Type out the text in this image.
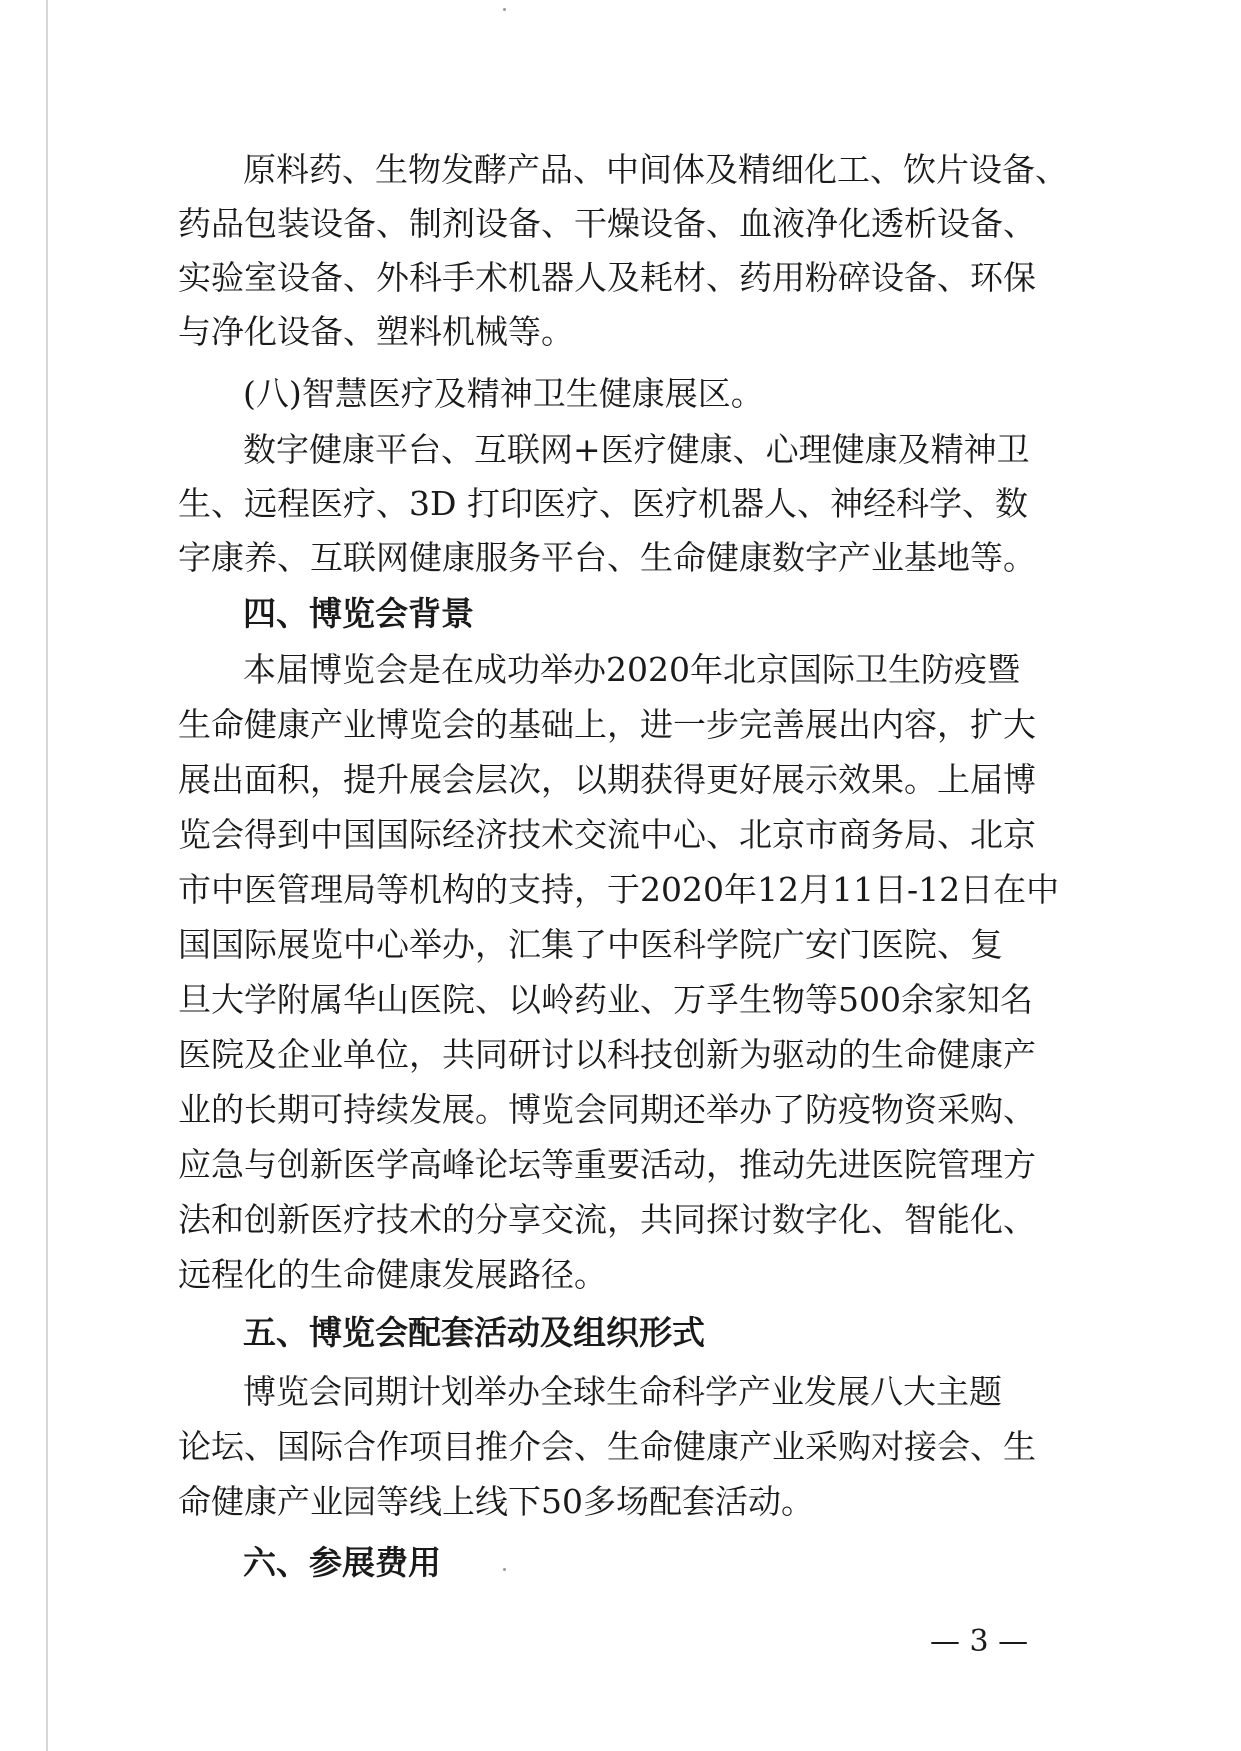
原料药、生物发酵产品、中间体及精细化工、饮片设备、
药品包装设备、制剂设备、干燥设备、血液净化透析设备、
实验室设备、外科手术机器人及耗材、药用粉碎设备、环保
与净化设备、塑料机械等。
(八)智慧医疗及精神卫生健康展区。
数字健康平台、互联网+医疗健康、心理健康及精神卫
生、远程医疗、3D 打印医疗、医疗机器人、神经科学、数
字康养、互联网健康服务平台、生命健康数字产业基地等。
四、博览会背景
本届博览会是在成功举办2020年北京国际卫生防疫暨
生命健康产业博览会的基础上，进一步完善展出内容，扩大
展出面积，提升展会层次，以期获得更好展示效果。上届博
览会得到中国国际经济技术交流中心、北京市商务局、北京
市中医管理局等机构的支持，于2020年12月11日-12日在中
国国际展览中心举办，汇集了中医科学院广安门医院、复
旦大学附属华山医院、以岭药业、万孚生物等500余家知名
医院及企业单位，共同研讨以科技创新为驱动的生命健康产
业的长期可持续发展。博览会同期还举办了防疫物资采购、
应急与创新医学高峰论坛等重要活动，推动先进医院管理方
法和创新医疗技术的分享交流，共同探讨数字化、智能化、
远程化的生命健康发展路径。
五、博览会配套活动及组织形式
博览会同期计划举办全球生命科学产业发展八大主题
论坛、国际合作项目推介会、生命健康产业采购对接会、生
命健康产业园等线上线下50多场配套活动。
六、参展费用
— 3 —
